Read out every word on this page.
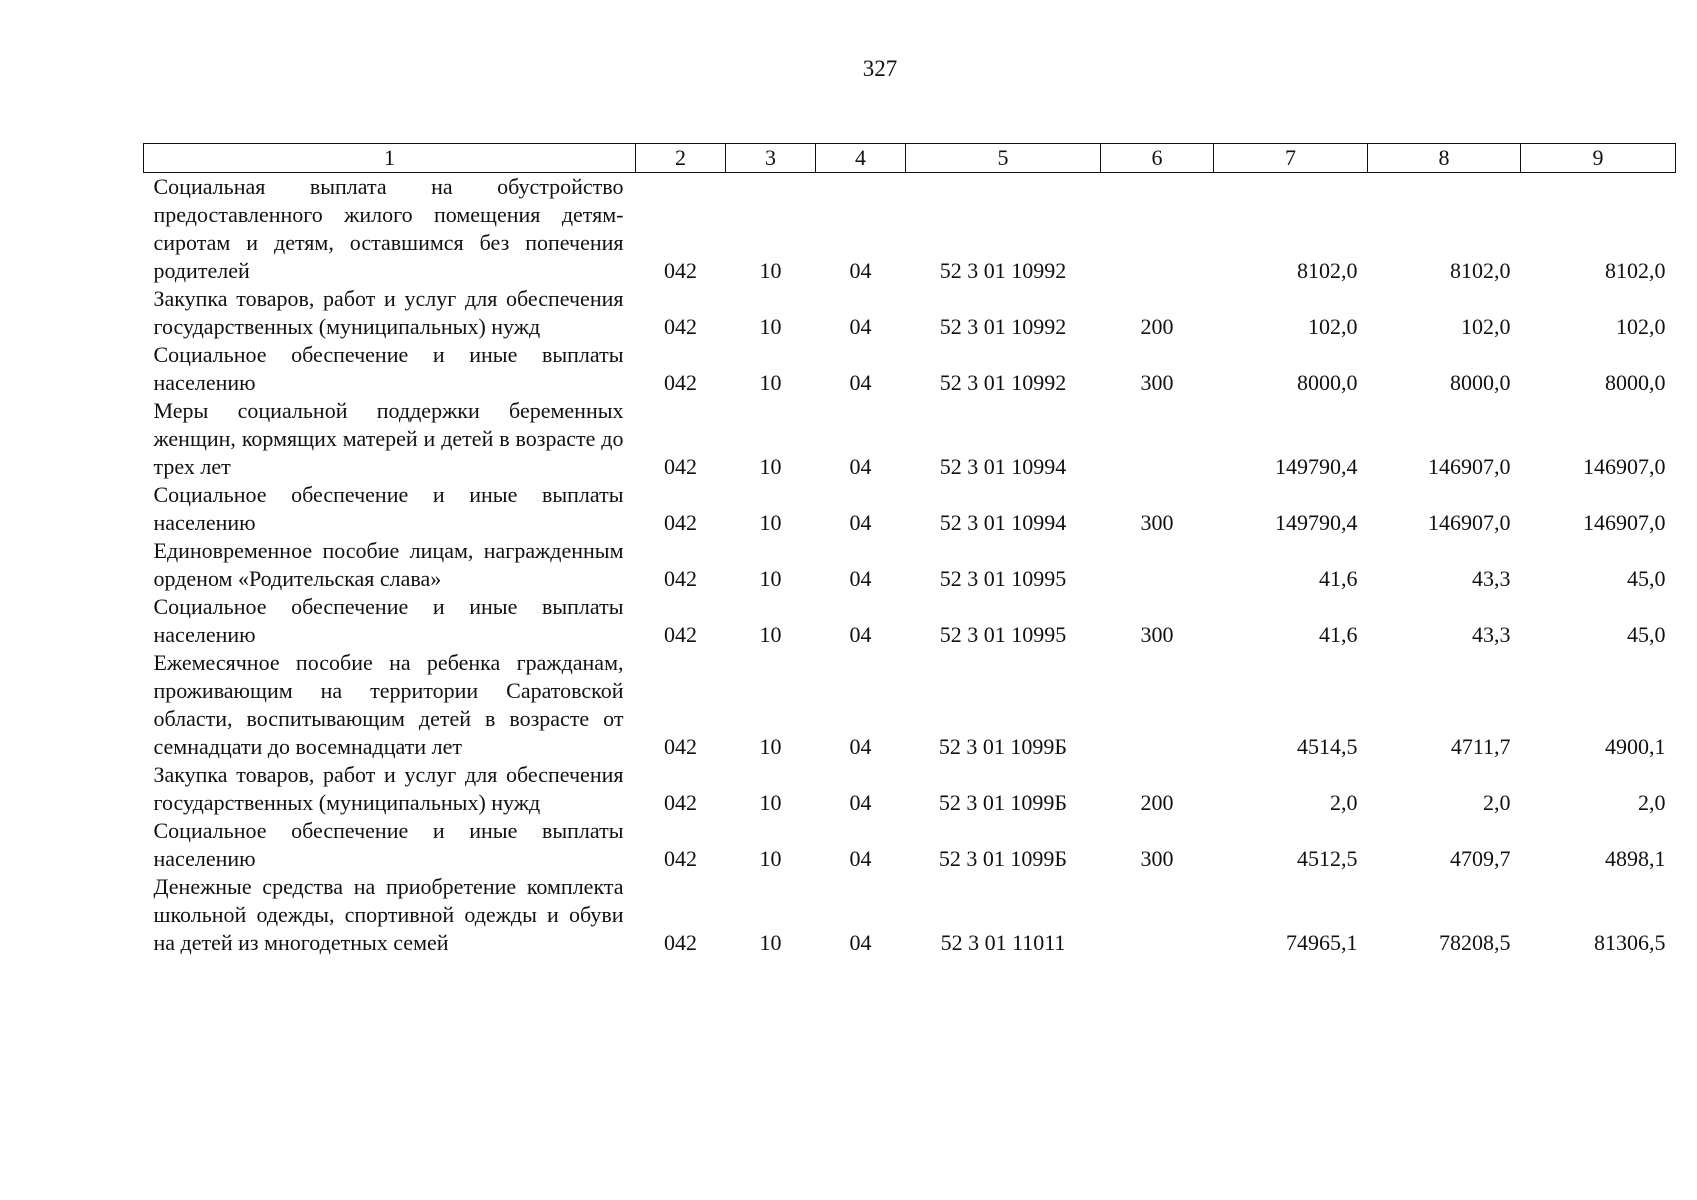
327
1	2	3	4	5	6	7	8	9
Социальная выплата на обустройство предоставленного жилого помещения детям-сиротам и детям, оставшимся без попечения родителей	042	10	04	52 3 01 10992		8102,0	8102,0	8102,0
Закупка товаров, работ и услуг для обеспечения государственных (муниципальных) нужд	042	10	04	52 3 01 10992	200	102,0	102,0	102,0
Социальное обеспечение и иные выплаты населению	042	10	04	52 3 01 10992	300	8000,0	8000,0	8000,0
Меры социальной поддержки беременных женщин, кормящих матерей и детей в возрасте до трех лет	042	10	04	52 3 01 10994		149790,4	146907,0	146907,0
Социальное обеспечение и иные выплаты населению	042	10	04	52 3 01 10994	300	149790,4	146907,0	146907,0
Единовременное пособие лицам, награжденным орденом «Родительская слава»	042	10	04	52 3 01 10995		41,6	43,3	45,0
Социальное обеспечение и иные выплаты населению	042	10	04	52 3 01 10995	300	41,6	43,3	45,0
Ежемесячное пособие на ребенка гражданам, проживающим на территории Саратовской области, воспитывающим детей в возрасте от семнадцати до восемнадцати лет	042	10	04	52 3 01 1099Б		4514,5	4711,7	4900,1
Закупка товаров, работ и услуг для обеспечения государственных (муниципальных) нужд	042	10	04	52 3 01 1099Б	200	2,0	2,0	2,0
Социальное обеспечение и иные выплаты населению	042	10	04	52 3 01 1099Б	300	4512,5	4709,7	4898,1
Денежные средства на приобретение комплекта школьной одежды, спортивной одежды и обуви на детей из многодетных семей	042	10	04	52 3 01 11011		74965,1	78208,5	81306,5
